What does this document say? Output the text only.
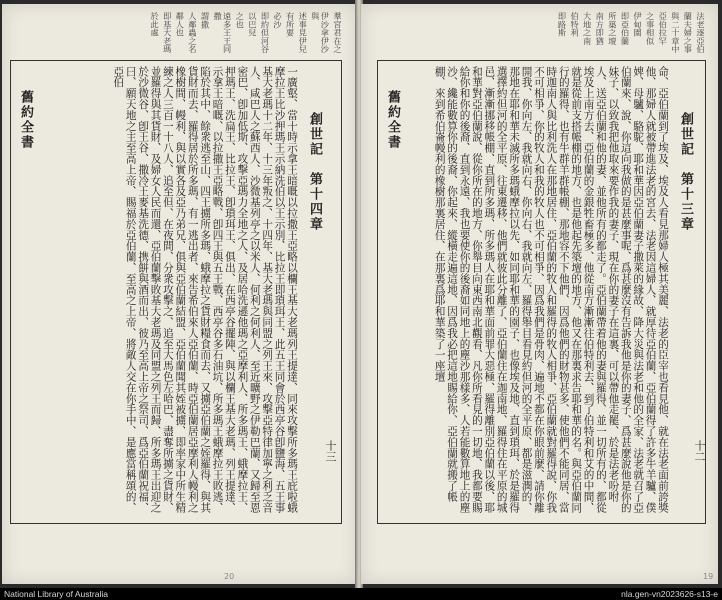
羣宮君在之
伊沙拿伊沙與
述事見伊兒
有所要
必沙
即約但河谷
以巴兒
之也
遠多王王同撒
謂撒
人鄰蟲之名
鄰人也
即基大老瑪
於此處
舊約全書	創世記　第十四章
十三

一廣壑、當十時示拿王暗嘅以拉撒王亞略以欄王基大老瑪列王提達、同來攻擊所多瑪王庇啦蛾摩拉王比沙押瑪王示納洗伯以王示別、比拉王即瑣珥王、此五王同會於西亭谷卽鹽海、五王事基大老瑪十二年、十三年叛之、十四年、基大老瑪與同盟之列王來、攻擊亞特律加寧之利乏音人、咸巴人之蘇西人、沙微基列亭之以米人、何利之何利人、至近曠野之伊勒巴蘭、又歸至恩密巴、卽加低斯、攻擊亞瑪力全地之人、及居哈洗遜他瑪之亞摩利人、所多瑪王、蛾摩拉王、押瑪王、洗扁王、比拉王、卽瑣珥王、俱出、在西亭谷擺陣、與以欄王基大老瑪、列王提達、示拿王暗嘅、以拉撒王亞略戰、卽四王與五王戰、西亭谷多石油坑、所多瑪王蛾摩拉王敗逃、陷於其中、餘衆逃至山、四王擄所多瑪、蛾摩拉之貨財糧食而去、又擄亞伯蘭之姪羅得、與其貨財而去、羅得居於所多瑪、有一逃出者、來告希伯來人亞伯蘭、時亞伯蘭居亞摩利人幔利之橡樹間、幔利、與以實各及亞乃弟兄、俱與亞伯蘭結盟、亞伯蘭聞其姪被擄、即率家中所生精練之人三百一十八人、追至但、在夜間、分衆攻擊之、追至大馬色左哈巴、盡奪所擄之貨財、並羅得與其貨財、及婦女人民而還、亞伯蘭擊敗基大老瑪及同盟之列王而歸、所多瑪王出迎之於沙微谷、卽王谷、撒冷王麥基洗德、携餅與酒而出、彼乃至高上帝之祭司、爲亞伯蘭祝福、曰、願天地之主至高上帝、賜福於亞伯蘭、至高之上帝、將敵人交在你手中、是應當稱頌的、亞伯

20
法老逐亞伯
蘭夫婦之事
與二十章中
亞伯拉罕
之事相似
伊甸園
即亞伯蘭
所築之壇
南方即猶
大地之南
伯特利
即路斯
舊約全書	創世記　第十三章
十二

命、亞伯蘭到了埃及、埃及人看見那婦人極其美麗、法老的臣宰也看見他、就在法老面前誇獎他、那婦人就被帶進法老的宮去、法老因這婦人、就厚待亞伯蘭、亞伯蘭得了許多牛羊驢、僕婢、母驢、駱駝、耶和華因亞伯蘭妻子撒萊的緣故、降大災與法老和他的全家、法老就召了亞伯蘭來、說、你這向我做的是甚麼事呢、爲甚麼沒有告訴我他是你的妻子、爲甚麼說他是你的妹子、以致我把他取來要作我的妻子、現在你的妻子在這裏、可以帶他走罷、於是法老吩咐人、送亞伯蘭和他的妻、並他所有的都走了。亞伯蘭帶着他的妻與羅得、並一切所有的、都從埃及上南方去、亞伯蘭的金銀牲畜極多、他從南方漸漸往伯特利去、到了伯特利和艾的中間、就是從前支搭帳棚的地方、也是他起先築壇的地方、他又在那裏求告耶和華的名。與亞伯蘭同行的羅得、也有牛群羊群帳棚、那地容不下他們、因爲他們的財物甚多、使他們不能同居、當時迦南人與比利洗人在那地居住、亞伯蘭的牧人和羅得的牧人相爭、亞伯蘭就對羅得說、你我不可相爭、你的牧人和我的牧人也不可相爭、因爲我們是骨肉、遍地不都在你眼前麼、請你離開我、你向左、我就向右、你向右、我就向左、羅得舉目看見約但河的全平原、都是滋潤的、那地在耶和華未滅所多瑪蛾摩拉以先、如同耶和華的園子、也像埃及地、直到瑣珥、於是羅得選擇約但河的全平原、往東遷移、他們就彼此分離了、亞伯蘭住在迦南地、羅得住在平原的城邑、漸漸挪移帳棚、直到所多瑪、所多瑪人在耶和華面前罪大惡極、羅得離別亞伯蘭以後、耶和華對亞伯蘭說、從你所在的地方、你舉目向東西南北觀看、凡你所看見的一切地、我都要賜給你和你的後裔、直到永遠、我也要使你的後裔如同地上的塵沙那樣多、人若能數算地上的塵沙、纔能數算你的後裔、你起來、縱橫走遍這地、因爲我必把這地賜給你、亞伯蘭就搬了帳棚、來到希伯崙幔利的橡樹那裏居住、在那裏爲耶和華築了一座壇

19
National Library of Australia	nla.gen-vn2023626-s13-e
